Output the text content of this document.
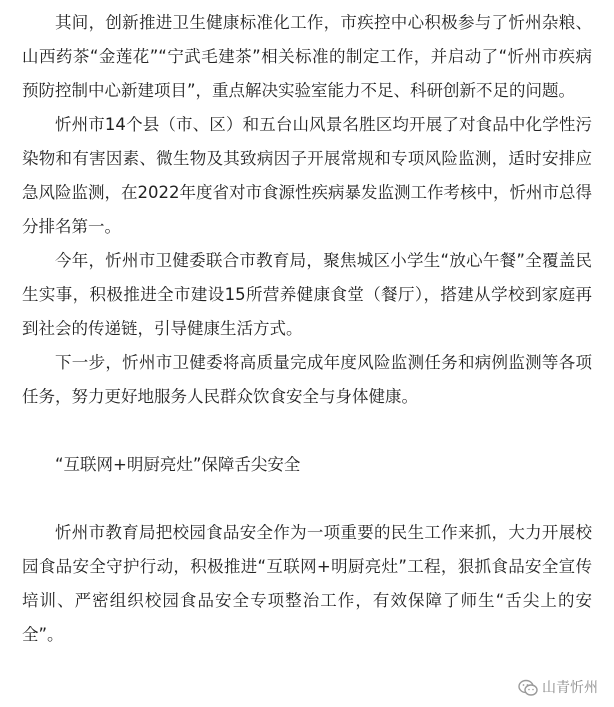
其间，创新推进卫生健康标准化工作，市疾控中心积极参与了忻州杂粮、山西药茶“金莲花”“宁武毛建茶”相关标准的制定工作，并启动了“忻州市疾病预防控制中心新建项目”，重点解决实验室能力不足、科研创新不足的问题。

忻州市14个县（市、区）和五台山风景名胜区均开展了对食品中化学性污染物和有害因素、微生物及其致病因子开展常规和专项风险监测，适时安排应急风险监测，在2022年度省对市食源性疾病暴发监测工作考核中，忻州市总得分排名第一。

今年，忻州市卫健委联合市教育局，聚焦城区小学生“放心午餐”全覆盖民生实事，积极推进全市建设15所营养健康食堂（餐厅），搭建从学校到家庭再到社会的传递链，引导健康生活方式。

下一步，忻州市卫健委将高质量完成年度风险监测任务和病例监测等各项任务，努力更好地服务人民群众饮食安全与身体健康。

“互联网+明厨亮灶”保障舌尖安全

忻州市教育局把校园食品安全作为一项重要的民生工作来抓，大力开展校园食品安全守护行动，积极推进“互联网+明厨亮灶”工程，狠抓食品安全宣传培训、严密组织校园食品安全专项整治工作，有效保障了师生“舌尖上的安全”。

山青忻州
